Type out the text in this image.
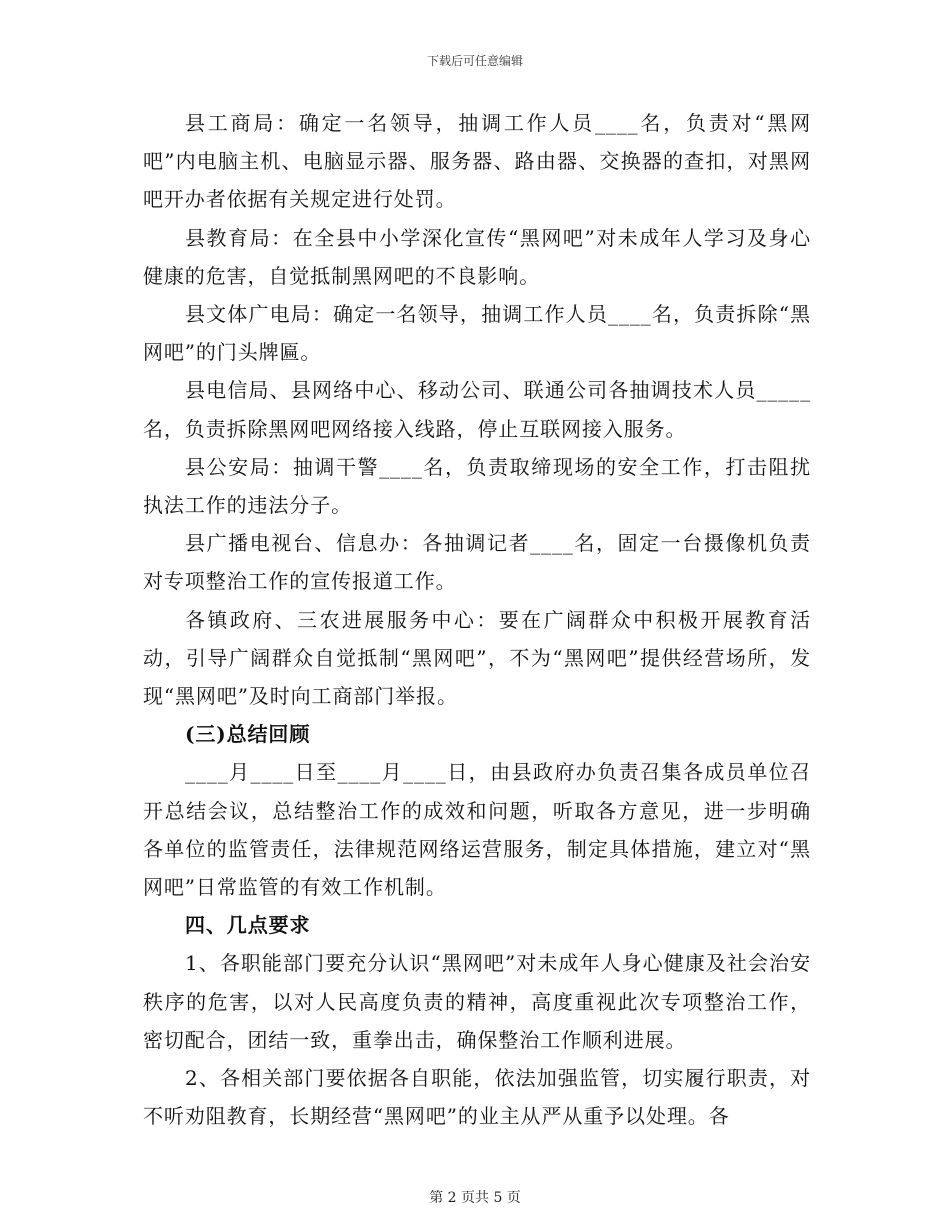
下载后可任意编辑

县工商局：确定一名领导，抽调工作人员____名，负责对“黑网吧”内电脑主机、电脑显示器、服务器、路由器、交换器的查扣，对黑网吧开办者依据有关规定进行处罚。

县教育局：在全县中小学深化宣传“黑网吧”对未成年人学习及身心健康的危害，自觉抵制黑网吧的不良影响。

县文体广电局：确定一名领导，抽调工作人员____名，负责拆除“黑网吧”的门头牌匾。

县电信局、县网络中心、移动公司、联通公司各抽调技术人员_____名，负责拆除黑网吧网络接入线路，停止互联网接入服务。

县公安局：抽调干警____名，负责取缔现场的安全工作，打击阻扰执法工作的违法分子。

县广播电视台、信息办：各抽调记者____名，固定一台摄像机负责对专项整治工作的宣传报道工作。

各镇政府、三农进展服务中心：要在广阔群众中积极开展教育活动，引导广阔群众自觉抵制“黑网吧”，不为“黑网吧”提供经营场所，发现“黑网吧”及时向工商部门举报。

(三)总结回顾

____月____日至____月____日，由县政府办负责召集各成员单位召开总结会议，总结整治工作的成效和问题，听取各方意见，进一步明确各单位的监管责任，法律规范网络运营服务，制定具体措施，建立对“黑网吧”日常监管的有效工作机制。

四、几点要求

1、各职能部门要充分认识“黑网吧”对未成年人身心健康及社会治安秩序的危害，以对人民高度负责的精神，高度重视此次专项整治工作，密切配合，团结一致，重拳出击，确保整治工作顺利进展。

2、各相关部门要依据各自职能，依法加强监管，切实履行职责，对不听劝阻教育，长期经营“黑网吧”的业主从严从重予以处理。各

第 2 页共 5 页
